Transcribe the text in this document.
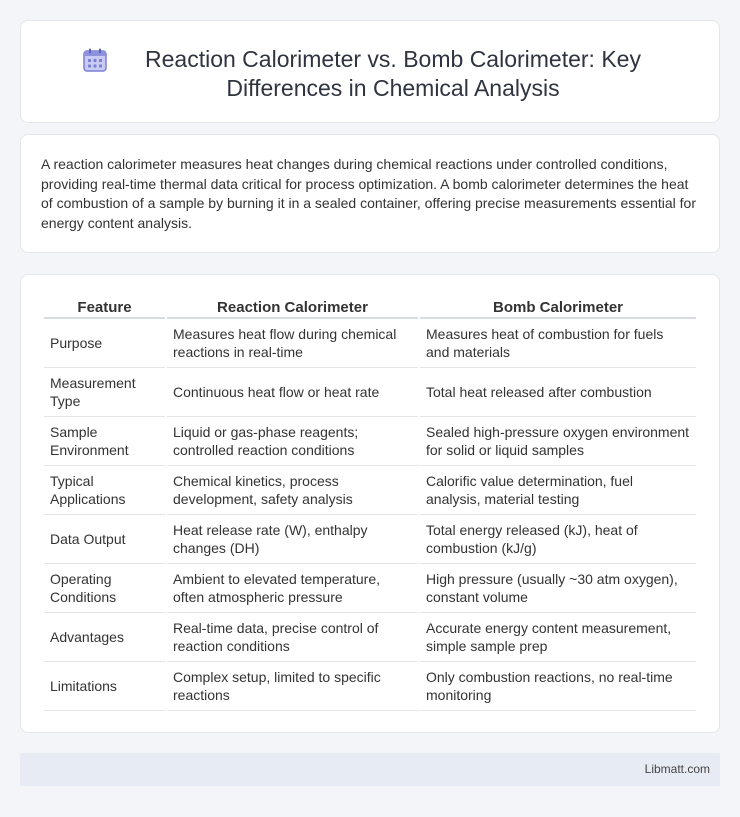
Reaction Calorimeter vs. Bomb Calorimeter: Key Differences in Chemical Analysis

A reaction calorimeter measures heat changes during chemical reactions under controlled conditions, providing real-time thermal data critical for process optimization. A bomb calorimeter determines the heat of combustion of a sample by burning it in a sealed container, offering precise measurements essential for energy content analysis.

Feature	Reaction Calorimeter	Bomb Calorimeter
Purpose	Measures heat flow during chemical reactions in real-time	Measures heat of combustion for fuels and materials
Measurement Type	Continuous heat flow or heat rate	Total heat released after combustion
Sample Environment	Liquid or gas-phase reagents; controlled reaction conditions	Sealed high-pressure oxygen environment for solid or liquid samples
Typical Applications	Chemical kinetics, process development, safety analysis	Calorific value determination, fuel analysis, material testing
Data Output	Heat release rate (W), enthalpy changes (DH)	Total energy released (kJ), heat of combustion (kJ/g)
Operating Conditions	Ambient to elevated temperature, often atmospheric pressure	High pressure (usually ~30 atm oxygen), constant volume
Advantages	Real-time data, precise control of reaction conditions	Accurate energy content measurement, simple sample prep
Limitations	Complex setup, limited to specific reactions	Only combustion reactions, no real-time monitoring
Libmatt.com
